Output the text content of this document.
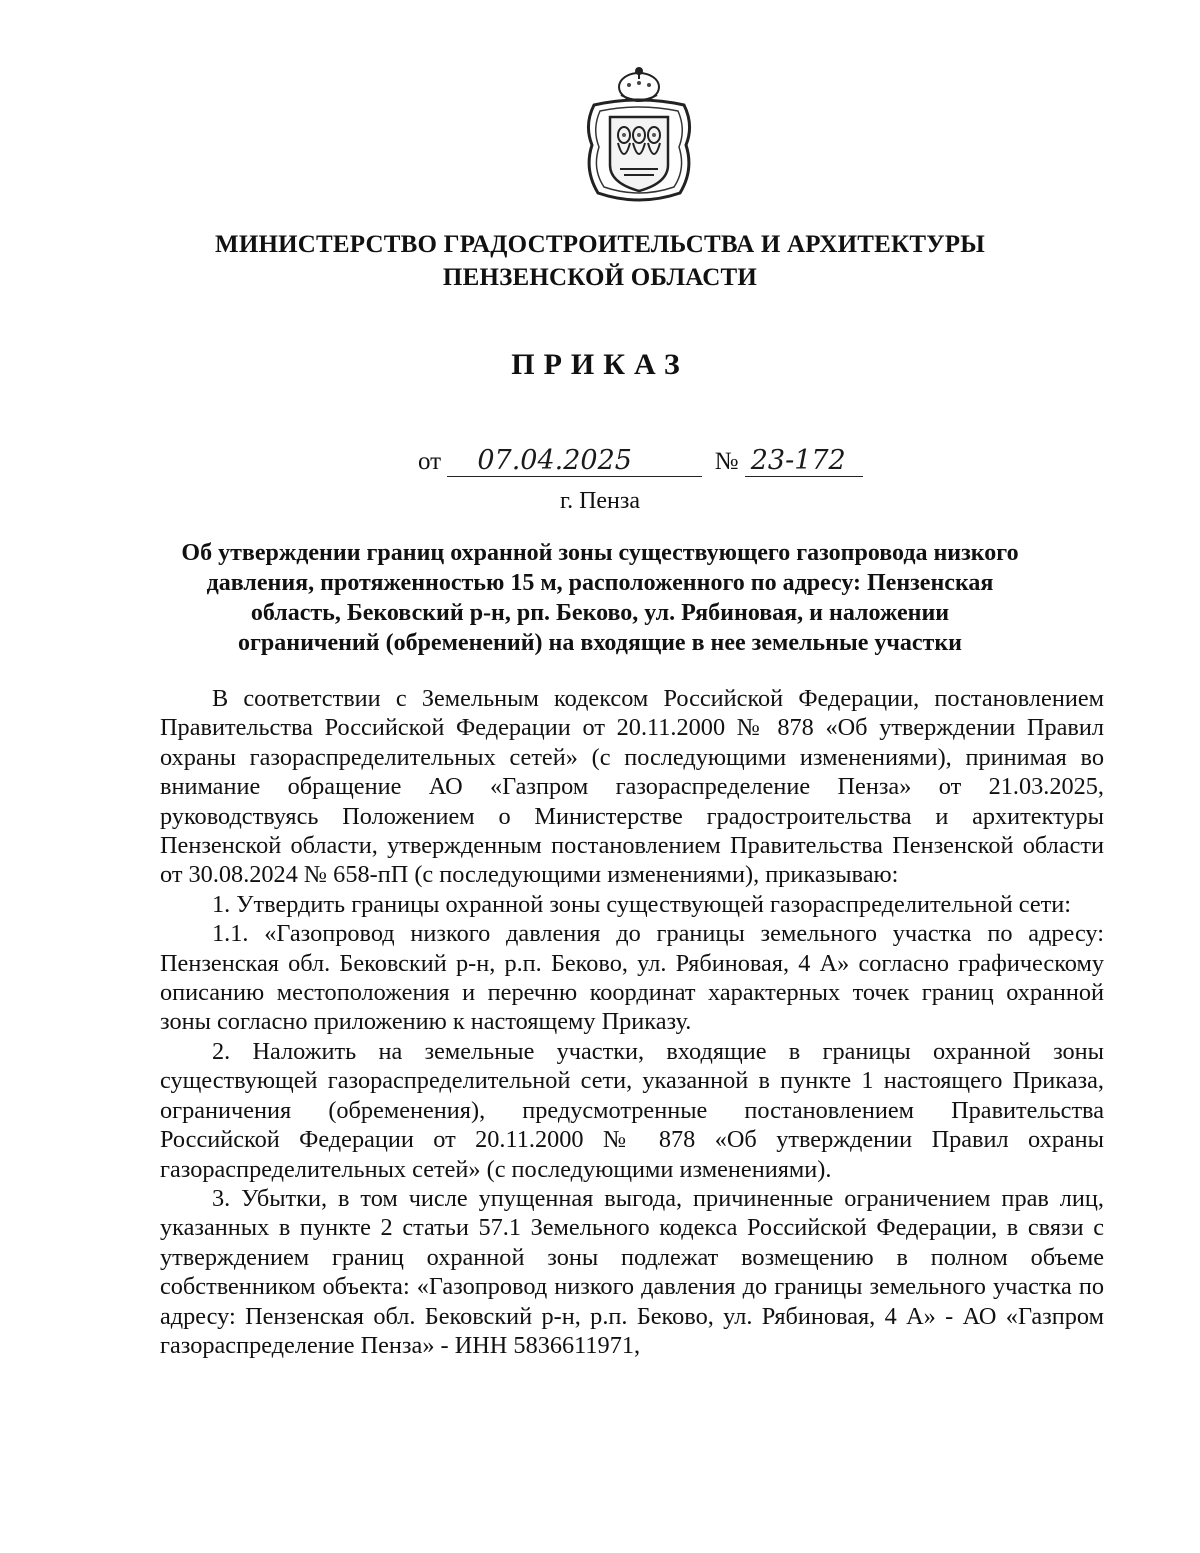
МИНИСТЕРСТВО ГРАДОСТРОИТЕЛЬСТВА И АРХИТЕКТУРЫ
ПЕНЗЕНСКОЙ ОБЛАСТИ
ПРИКАЗ
от 07.04.2025	№ 23-172
г. Пенза
Об утверждении границ охранной зоны существующего газопровода низкого
давления, протяженностью 15 м, расположенного по адресу: Пензенская
область, Бековский р-н, рп. Беково, ул. Рябиновая, и наложении
ограничений (обременений) на входящие в нее земельные участки

В соответствии с Земельным кодексом Российской Федерации, постановлением Правительства Российской Федерации от 20.11.2000 № 878 «Об утверждении Правил охраны газораспределительных сетей» (с последующими изменениями), принимая во внимание обращение АО «Газпром газораспределение Пенза» от 21.03.2025, руководствуясь Положением о Министерстве градостроительства и архитектуры Пензенской области, утвержденным постановлением Правительства Пензенской области от 30.08.2024 № 658-пП (с последующими изменениями), приказываю:

1. Утвердить границы охранной зоны существующей газораспределительной сети:

1.1. «Газопровод низкого давления до границы земельного участка по адресу: Пензенская обл. Бековский р-н, р.п. Беково, ул. Рябиновая, 4 А» согласно графическому описанию местоположения и перечню координат характерных точек границ охранной зоны согласно приложению к настоящему Приказу.

2. Наложить на земельные участки, входящие в границы охранной зоны существующей газораспределительной сети, указанной в пункте 1 настоящего Приказа, ограничения (обременения), предусмотренные постановлением Правительства Российской Федерации от 20.11.2000 № 878 «Об утверждении Правил охраны газораспределительных сетей» (с последующими изменениями).

3. Убытки, в том числе упущенная выгода, причиненные ограничением прав лиц, указанных в пункте 2 статьи 57.1 Земельного кодекса Российской Федерации, в связи с утверждением границ охранной зоны подлежат возмещению в полном объеме собственником объекта: «Газопровод низкого давления до границы земельного участка по адресу: Пензенская обл. Бековский р-н, р.п. Беково, ул. Рябиновая, 4 А» - АО «Газпром газораспределение Пенза» - ИНН 5836611971,
